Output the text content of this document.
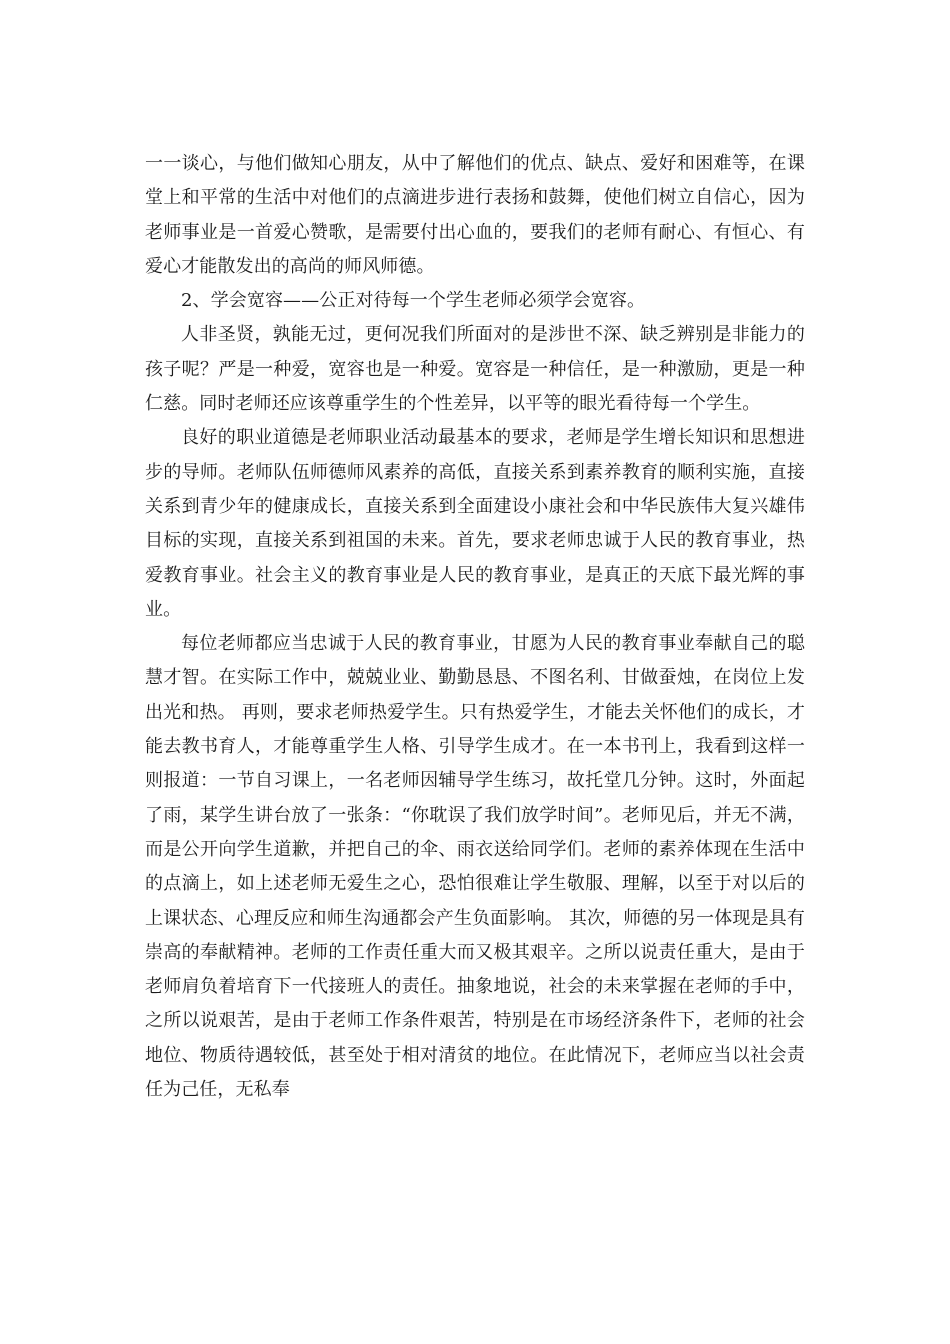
一一谈心，与他们做知心朋友，从中了解他们的优点、缺点、爱好和困难等，在课堂上和平常的生活中对他们的点滴进步进行表扬和鼓舞，使他们树立自信心，因为老师事业是一首爱心赞歌，是需要付出心血的，要我们的老师有耐心、有恒心、有爱心才能散发出的高尚的师风师德。

2、学会宽容——公正对待每一个学生老师必须学会宽容。

人非圣贤，孰能无过，更何况我们所面对的是涉世不深、缺乏辨别是非能力的孩子呢？严是一种爱，宽容也是一种爱。宽容是一种信任，是一种激励，更是一种仁慈。同时老师还应该尊重学生的个性差异，以平等的眼光看待每一个学生。

良好的职业道德是老师职业活动最基本的要求，老师是学生增长知识和思想进步的导师。老师队伍师德师风素养的高低，直接关系到素养教育的顺利实施，直接关系到青少年的健康成长，直接关系到全面建设小康社会和中华民族伟大复兴雄伟目标的实现，直接关系到祖国的未来。首先，要求老师忠诚于人民的教育事业，热爱教育事业。社会主义的教育事业是人民的教育事业，是真正的天底下最光辉的事业。

每位老师都应当忠诚于人民的教育事业，甘愿为人民的教育事业奉献自己的聪慧才智。在实际工作中，兢兢业业、勤勤恳恳、不图名利、甘做蚕烛，在岗位上发出光和热。 再则，要求老师热爱学生。只有热爱学生，才能去关怀他们的成长，才能去教书育人，才能尊重学生人格、引导学生成才。在一本书刊上，我看到这样一则报道：一节自习课上，一名老师因辅导学生练习，故托堂几分钟。这时，外面起了雨，某学生讲台放了一张条：“你耽误了我们放学时间”。老师见后，并无不满，而是公开向学生道歉，并把自己的伞、雨衣送给同学们。老师的素养体现在生活中的点滴上，如上述老师无爱生之心，恐怕很难让学生敬服、理解，以至于对以后的上课状态、心理反应和师生沟通都会产生负面影响。 其次，师德的另一体现是具有崇高的奉献精神。老师的工作责任重大而又极其艰辛。之所以说责任重大，是由于老师肩负着培育下一代接班人的责任。抽象地说，社会的未来掌握在老师的手中，之所以说艰苦，是由于老师工作条件艰苦，特别是在市场经济条件下，老师的社会地位、物质待遇较低，甚至处于相对清贫的地位。在此情况下，老师应当以社会责任为己任，无私奉
